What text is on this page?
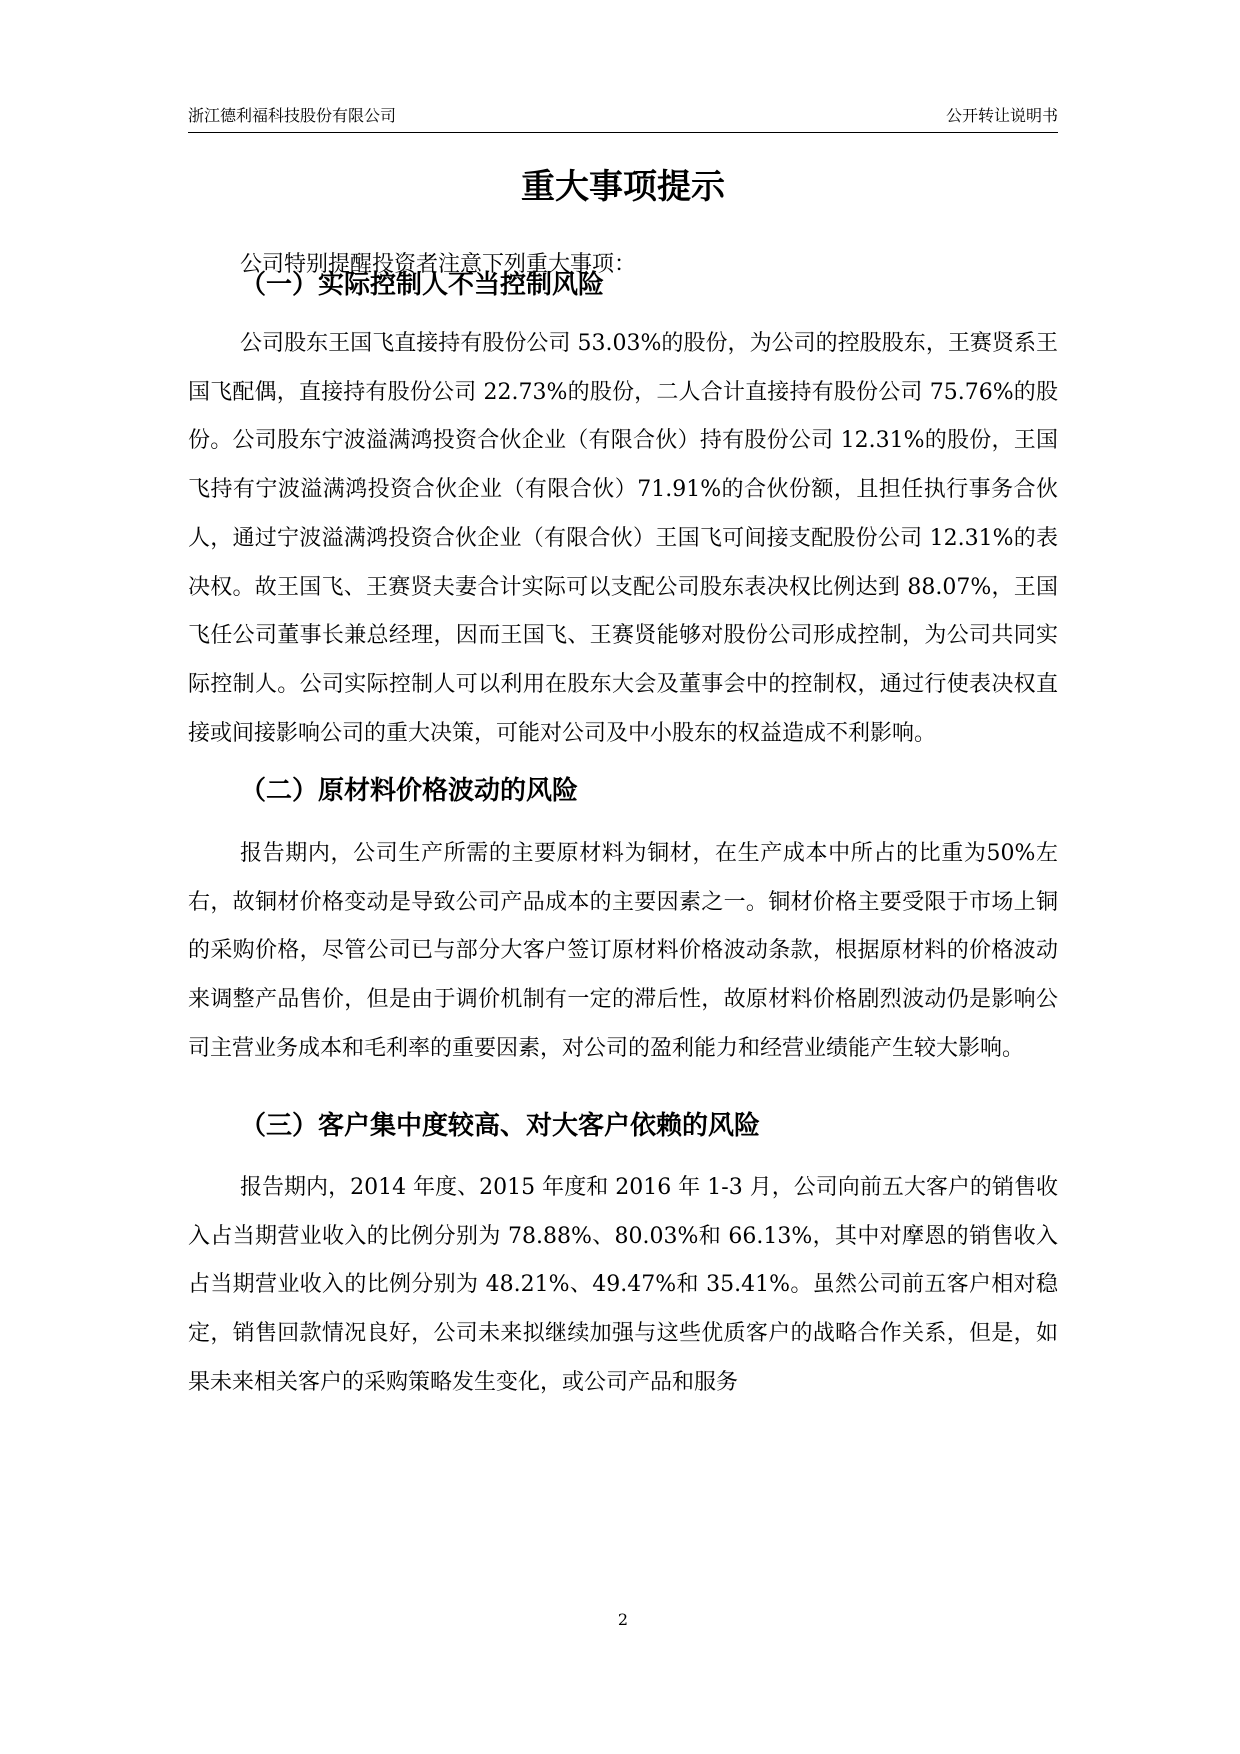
浙江德利福科技股份有限公司	公开转让说明书
重大事项提示
公司特别提醒投资者注意下列重大事项：
（一）实际控制人不当控制风险

公司股东王国飞直接持有股份公司 53.03%的股份，为公司的控股股东，王赛贤系王国飞配偶，直接持有股份公司 22.73%的股份，二人合计直接持有股份公司 75.76%的股份。公司股东宁波溢满鸿投资合伙企业（有限合伙）持有股份公司 12.31%的股份，王国飞持有宁波溢满鸿投资合伙企业（有限合伙）71.91%的合伙份额，且担任执行事务合伙人，通过宁波溢满鸿投资合伙企业（有限合伙）王国飞可间接支配股份公司 12.31%的表决权。故王国飞、王赛贤夫妻合计实际可以支配公司股东表决权比例达到 88.07%，王国飞任公司董事长兼总经理，因而王国飞、王赛贤能够对股份公司形成控制，为公司共同实际控制人。公司实际控制人可以利用在股东大会及董事会中的控制权，通过行使表决权直接或间接影响公司的重大决策，可能对公司及中小股东的权益造成不利影响。

（二）原材料价格波动的风险

报告期内，公司生产所需的主要原材料为铜材，在生产成本中所占的比重为50%左右，故铜材价格变动是导致公司产品成本的主要因素之一。铜材价格主要受限于市场上铜的采购价格，尽管公司已与部分大客户签订原材料价格波动条款，根据原材料的价格波动来调整产品售价，但是由于调价机制有一定的滞后性，故原材料价格剧烈波动仍是影响公司主营业务成本和毛利率的重要因素，对公司的盈利能力和经营业绩能产生较大影响。

（三）客户集中度较高、对大客户依赖的风险

报告期内，2014 年度、2015 年度和 2016 年 1-3 月，公司向前五大客户的销售收入占当期营业收入的比例分别为 78.88%、80.03%和 66.13%，其中对摩恩的销售收入占当期营业收入的比例分别为 48.21%、49.47%和 35.41%。虽然公司前五客户相对稳定，销售回款情况良好，公司未来拟继续加强与这些优质客户的战略合作关系，但是，如果未来相关客户的采购策略发生变化，或公司产品和服务

2
